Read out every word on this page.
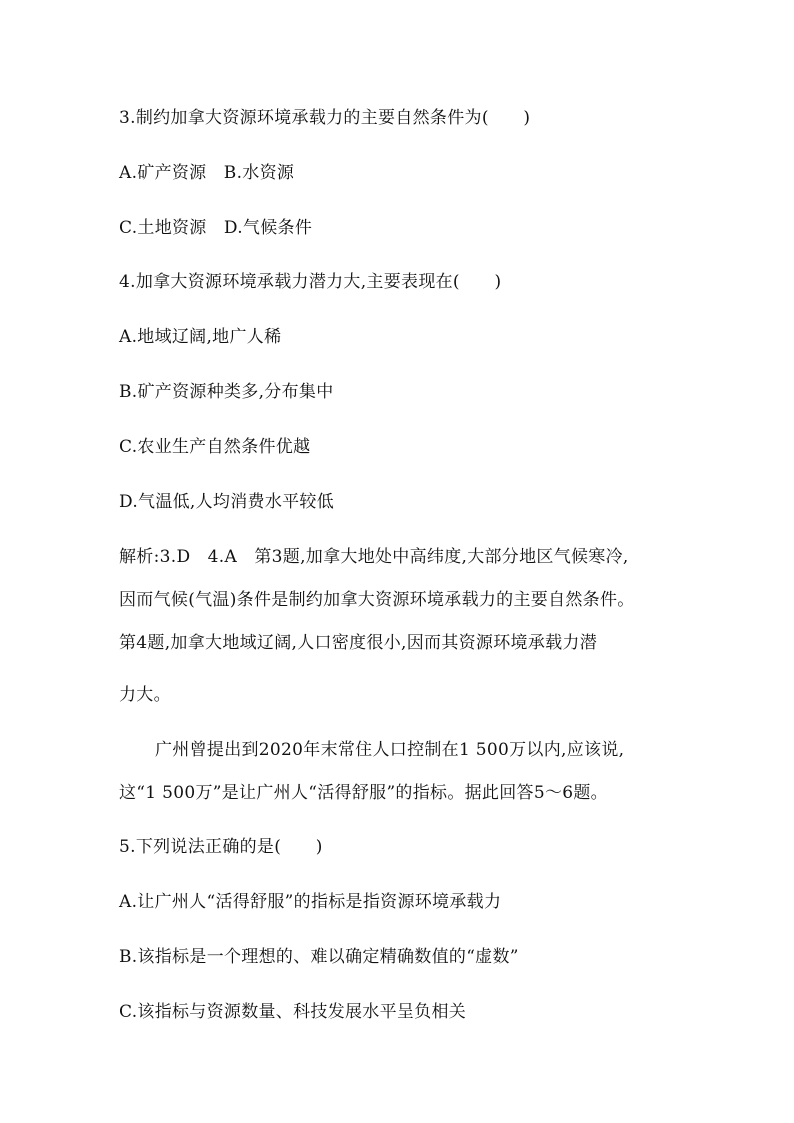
3.制约加拿大资源环境承载力的主要自然条件为(　　)
A.矿产资源　B.水资源
C.土地资源　D.气候条件
4.加拿大资源环境承载力潜力大,主要表现在(　　)
A.地域辽阔,地广人稀
B.矿产资源种类多,分布集中
C.农业生产自然条件优越
D.气温低,人均消费水平较低
解析:3.D　4.A　第3题,加拿大地处中高纬度,大部分地区气候寒冷,
因而气候(气温)条件是制约加拿大资源环境承载力的主要自然条件。
第4题,加拿大地域辽阔,人口密度很小,因而其资源环境承载力潜
力大。
广州曾提出到2020年末常住人口控制在1 500万以内,应该说,
这“1 500万”是让广州人“活得舒服”的指标。据此回答5～6题。
5.下列说法正确的是(　　)
A.让广州人“活得舒服”的指标是指资源环境承载力
B.该指标是一个理想的、难以确定精确数值的“虚数”
C.该指标与资源数量、科技发展水平呈负相关
